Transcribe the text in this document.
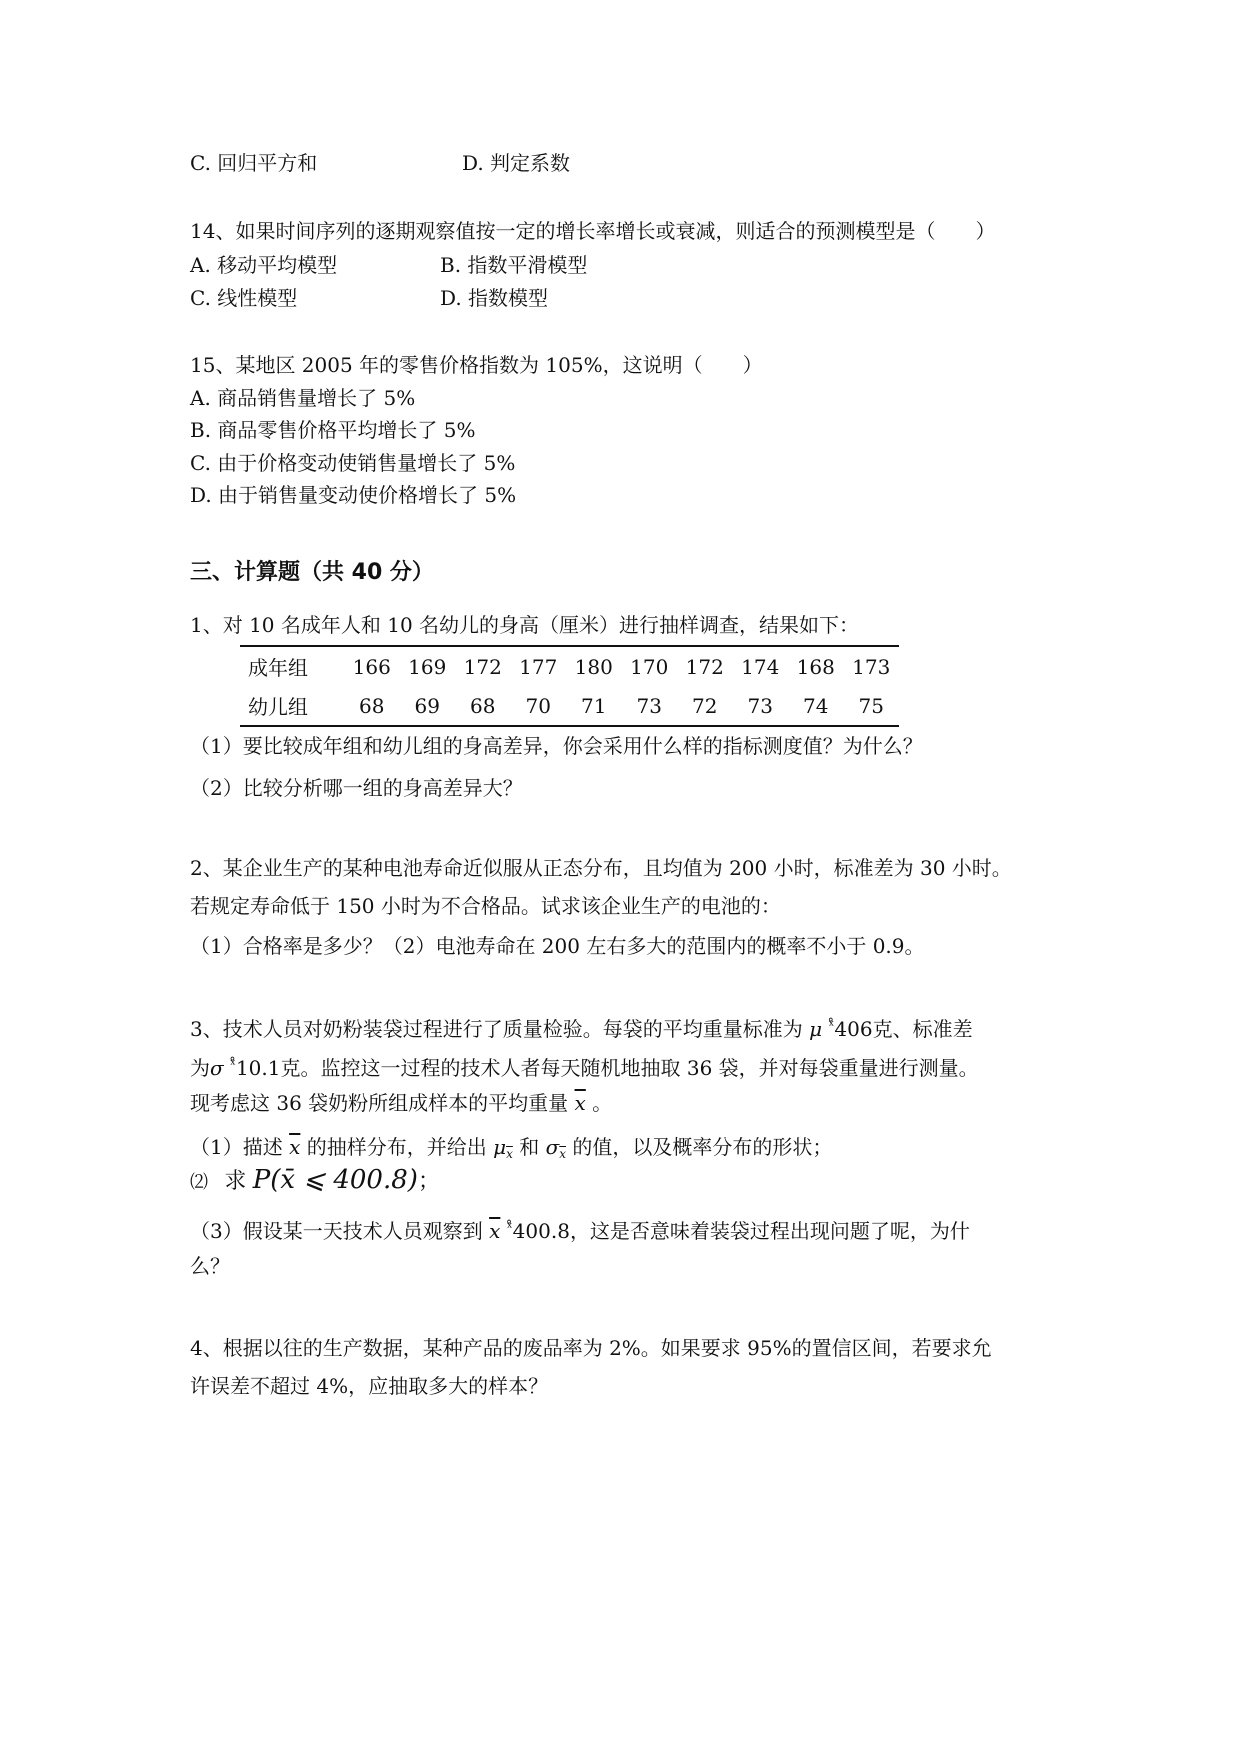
C. 回归平方和	D. 判定系数
14、如果时间序列的逐期观察值按一定的增长率增长或衰减，则适合的预测模型是（　　）
A. 移动平均模型	B. 指数平滑模型
C. 线性模型	D. 指数模型
15、某地区 2005 年的零售价格指数为 105%，这说明（　　）
A. 商品销售量增长了 5%
B. 商品零售价格平均增长了 5%
C. 由于价格变动使销售量增长了 5%
D. 由于销售量变动使价格增长了 5%
三、计算题（共 40 分）
1、对 10 名成年人和 10 名幼儿的身高（厘米）进行抽样调查，结果如下：
成年组	166	169	172	177	180	170	172	174	168	173
幼儿组	68	69	68	70	71	73	72	73	74	75
（1）要比较成年组和幼儿组的身高差异，你会采用什么样的指标测度值？为什么？
（2）比较分析哪一组的身高差异大？
2、某企业生产的某种电池寿命近似服从正态分布，且均值为 200 小时，标准差为 30 小时。
若规定寿命低于 150 小时为不合格品。试求该企业生产的电池的：
（1）合格率是多少？（2）电池寿命在 200 左右多大的范围内的概率不小于 0.9。
3、技术人员对奶粉装袋过程进行了质量检验。每袋的平均重量标准为 μ $^{ˣ̊}$406克、标准差
为σ $^{ˣ̊}$10.1克。监控这一过程的技术人者每天随机地抽取 36 袋，并对每袋重量进行测量。
现考虑这 36 袋奶粉所组成样本的平均重量 $\overline{x}$ 。
（1）描述 $\overline{x}$ 的抽样分布，并给出 $\mu_{\overline{x}}$ 和 $\sigma_{\overline{x}}$ 的值，以及概率分布的形状；
⑵ 求 P(x̄ ⩽ 400.8)；
（3）假设某一天技术人员观察到 $\overline{x}$ $^{ˣ̊}$400.8，这是否意味着装袋过程出现问题了呢，为什
么？
4、根据以往的生产数据，某种产品的废品率为 2%。如果要求 95%的置信区间，若要求允
许误差不超过 4%，应抽取多大的样本？
